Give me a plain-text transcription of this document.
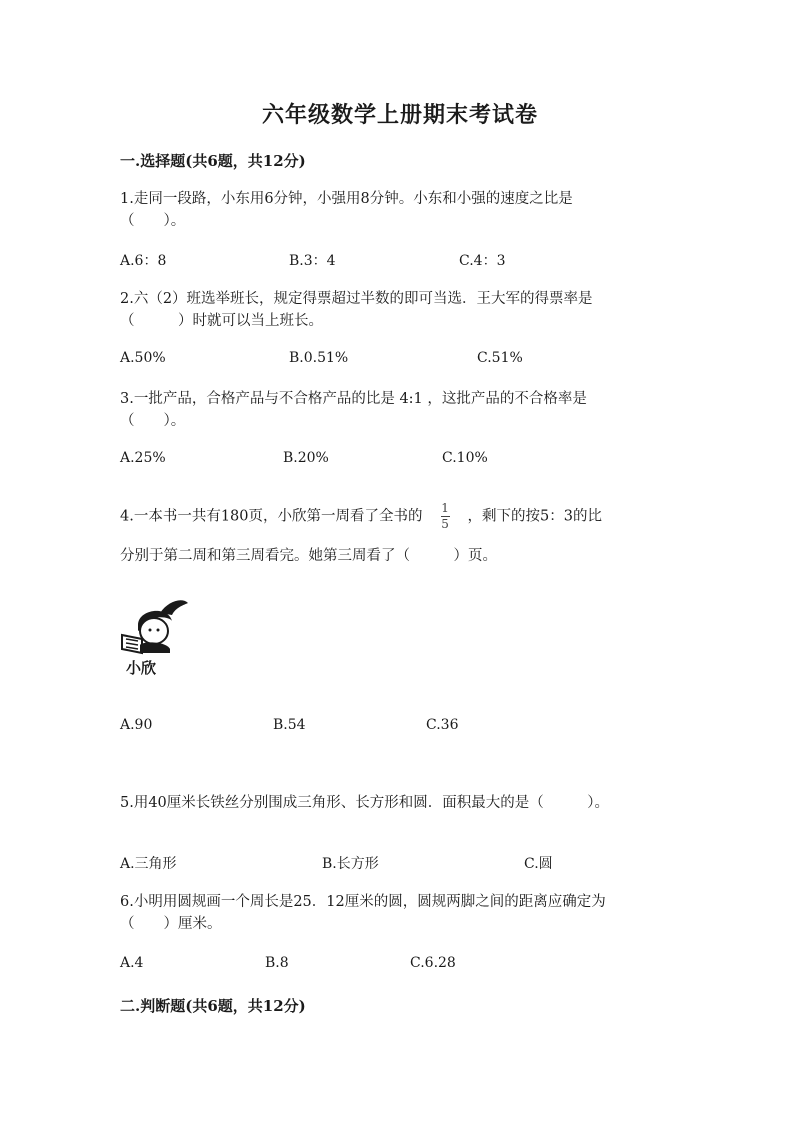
六年级数学上册期末考试卷
一.选择题(共6题，共12分)
1.走同一段路，小东用6分钟，小强用8分钟。小东和小强的速度之比是
（　　）。
A.6：8	B.3：4	C.4：3
2.六（2）班选举班长，规定得票超过半数的即可当选．王大军的得票率是
（　　　）时就可以当上班长。
A.50%	B.0.51%	C.51%
3.一批产品，合格产品与不合格产品的比是 4:1 ，这批产品的不合格率是
（　　）。
A.25%	B.20%	C.10%
4.一本书一共有180页，小欣第一周看了全书的 $\frac{1}{5}$ ，剩下的按5：3的比
分别于第二周和第三周看完。她第三周看了（　　　）页。
小欣
A.90	B.54	C.36
5.用40厘米长铁丝分别围成三角形、长方形和圆．面积最大的是（　　　）。
A.三角形	B.长方形	C.圆
6.小明用圆规画一个周长是25．12厘米的圆，圆规两脚之间的距离应确定为
（　　）厘米。
A.4	B.8	C.6.28
二.判断题(共6题，共12分)
